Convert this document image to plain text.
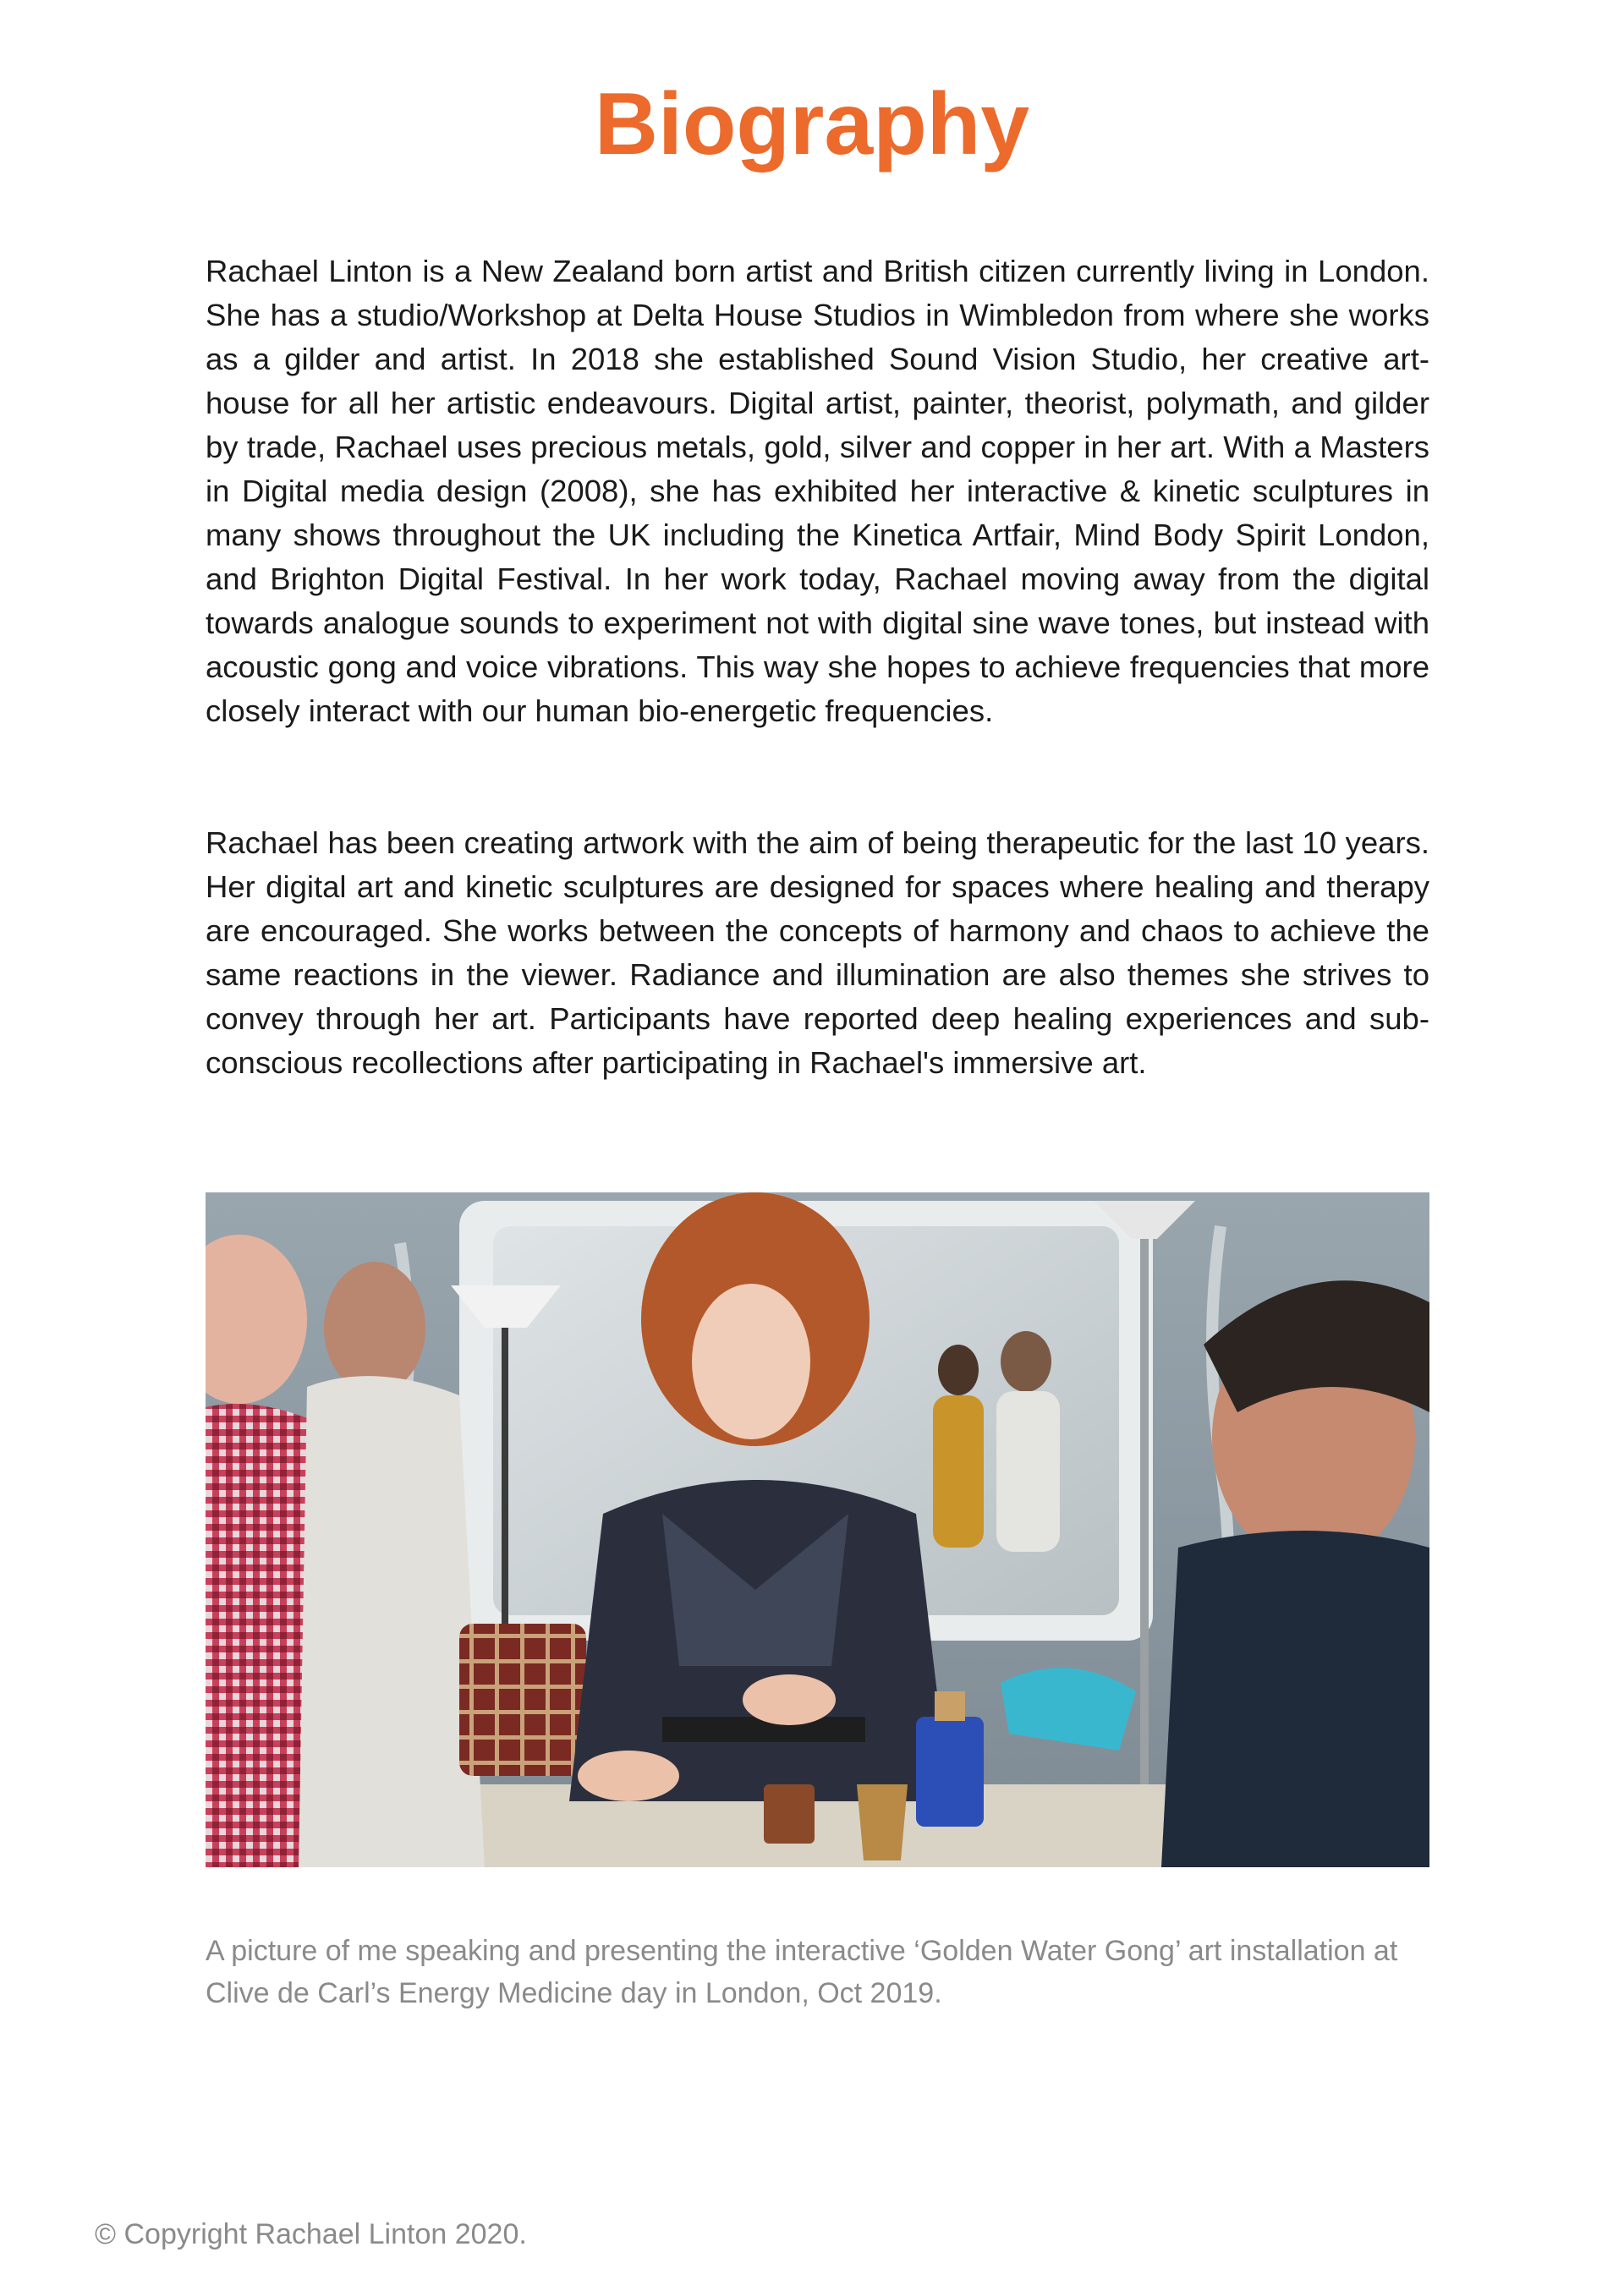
Biography

Rachael Linton is a New Zealand born artist and British citizen currently living in London. She has a studio/Workshop at Delta House Studios in Wimbledon from where she works as a gilder and artist. In 2018 she established Sound Vision Studio, her creative art-house for all her artistic endeavours. Digital artist, painter, theorist, polymath, and gilder by trade, Rachael uses precious metals, gold, silver and copper in her art. With a Masters in Digital media design (2008), she has exhibited her interactive & kinetic sculptures in many shows throughout the UK including the Kinetica Artfair, Mind Body Spirit London, and Brighton Digital Festival. In her work today, Rachael moving away from the digital towards analogue sounds to experiment not with digital sine wave tones, but instead with acoustic gong and voice vibrations. This way she hopes to achieve frequencies that more closely interact with our human bio-energetic frequencies.

Rachael has been creating artwork with the aim of being therapeutic for the last 10 years. Her digital art and kinetic sculptures are designed for spaces where healing and therapy are encouraged. She works between the concepts of harmony and chaos to achieve the same reactions in the viewer. Radiance and illumination are also themes she strives to convey through her art. Participants have reported deep healing experiences and sub-conscious recollections after participating in Rachael's immersive art.

A picture of me speaking and presenting the interactive ‘Golden Water Gong’ art installation at Clive de Carl’s Energy Medicine day in London, Oct 2019.

© Copyright Rachael Linton 2020.
